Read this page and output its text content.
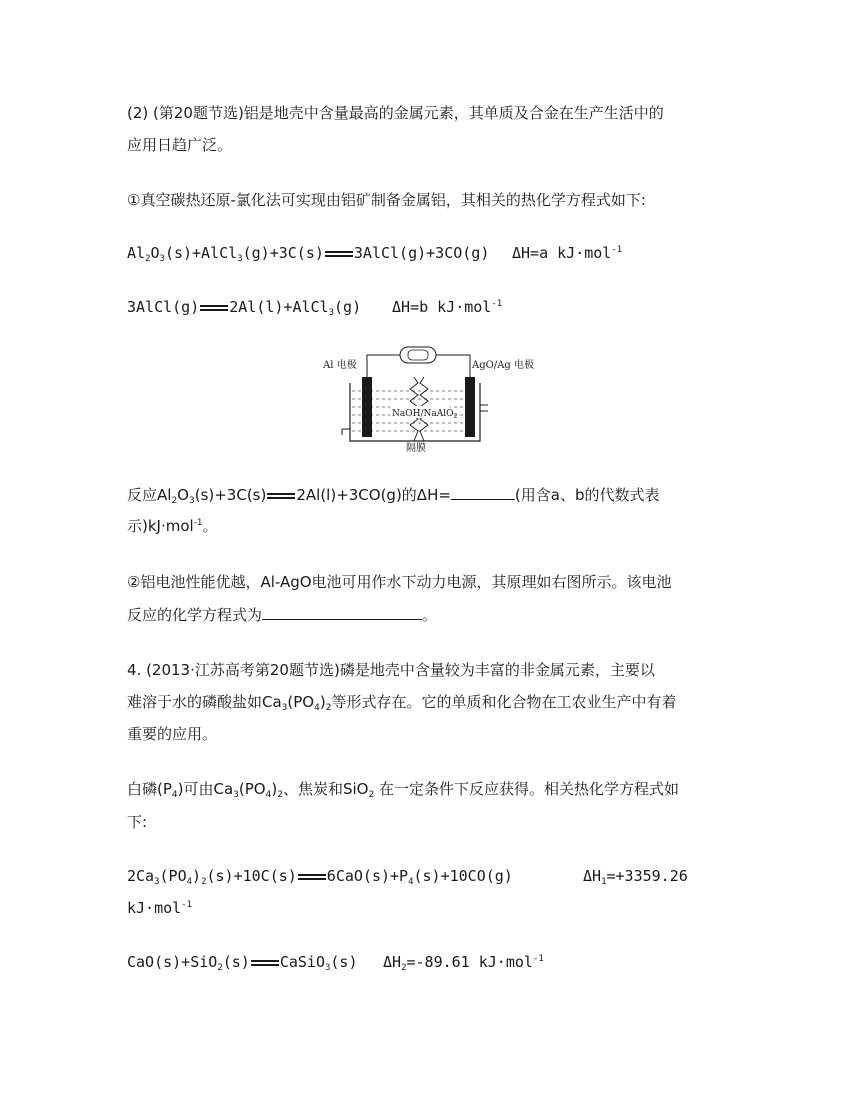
(2) (第20题节选)铝是地壳中含量最高的金属元素，其单质及合金在生产生活中的
应用日趋广泛。
①真空碳热还原-氯化法可实现由铝矿制备金属铝，其相关的热化学方程式如下:
$Al_2O_3(s)+AlCl_3(g)+3C(s)$ 3AlCl(g)+3CO(g) ΔH=a kJ·mol$^{-1}$
3AlCl(g) 2Al(l)+AlCl$_3$(g) ΔH=b kJ·mol$^{-1}$
Al 电极	AgO/Ag 电极
NaOH/NaAlO$_2$
隔膜
反应$Al_2O_3(s)+3C(s)$ 2Al(l)+3CO(g)的ΔH=	(用含a、b的代数式表
示)kJ·mol$^{-1}$。
②铝电池性能优越，Al-AgO电池可用作水下动力电源，其原理如右图所示。该电池
反应的化学方程式为	。
4. (2013·江苏高考第20题节选)磷是地壳中含量较为丰富的非金属元素，主要以
难溶于水的磷酸盐如$Ca_3(PO_4)_2$等形式存在。它的单质和化合物在工农业生产中有着
重要的应用。
白磷$(P_4)$可由$Ca_3(PO_4)_2$、焦炭和SiO$_2$ 在一定条件下反应获得。相关热化学方程式如
下:
$2Ca_3(PO_4)_2(s)+10C(s)$ $6CaO(s)+P_4(s)+10CO(g)$	$\Delta H_1=+3359.26$
kJ·mol$^{-1}$
CaO(s)+SiO$_2$(s) CaSiO$_3$(s) $\Delta H_2=-89.61$ kJ·mol$^{-1}$
